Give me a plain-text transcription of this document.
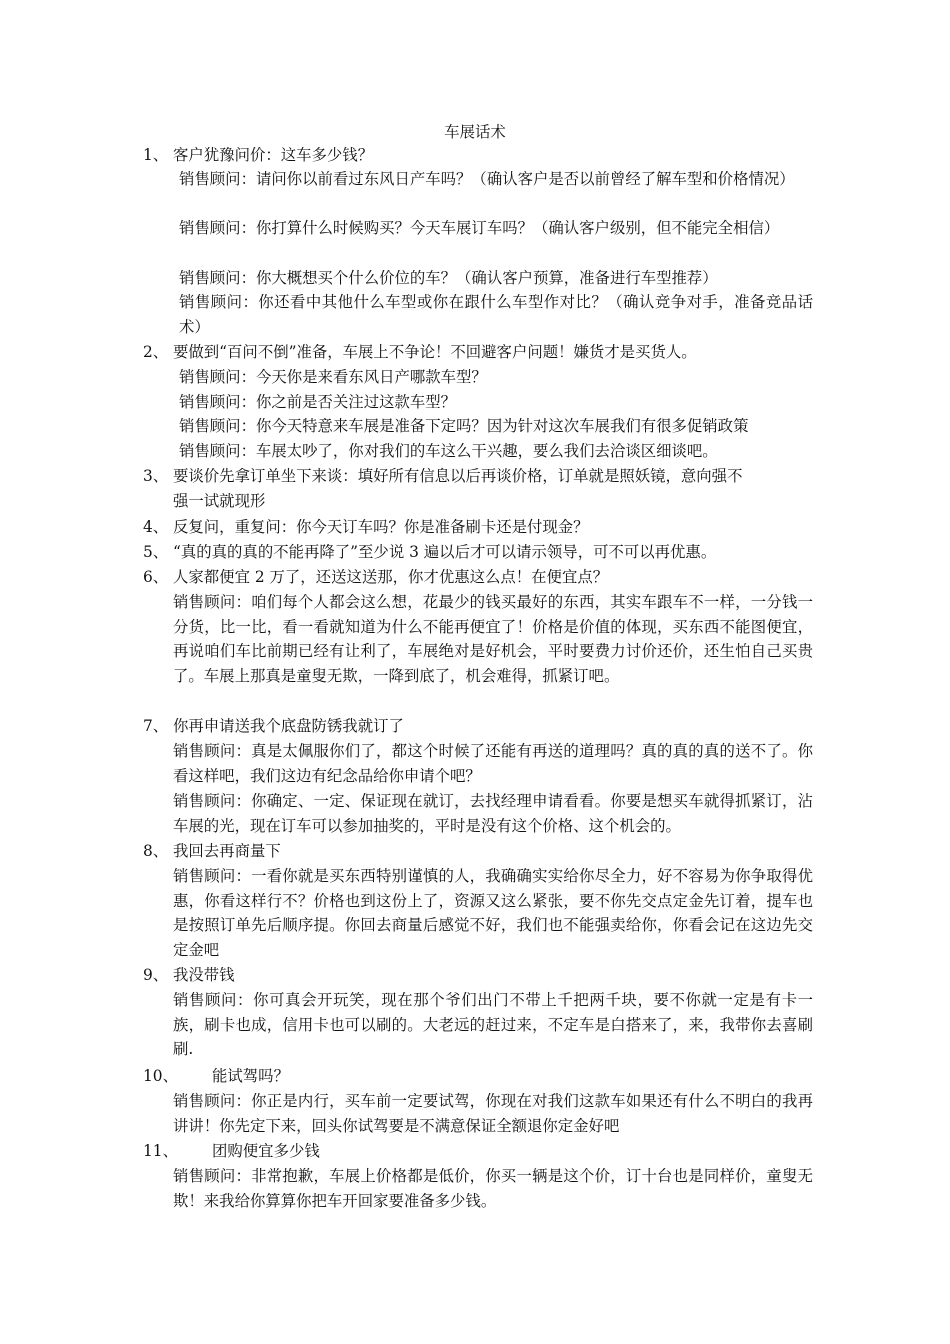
车展话术
1、 客户犹豫问价：这车多少钱？
销售顾问：请问你以前看过东风日产车吗？（确认客户是否以前曾经了解车型和价格情况）
销售顾问：你打算什么时候购买？今天车展订车吗？（确认客户级别，但不能完全相信）
销售顾问：你大概想买个什么价位的车？（确认客户预算，准备进行车型推荐）
销售顾问：你还看中其他什么车型或你在跟什么车型作对比？（确认竞争对手，准备竞品话术）
2、 要做到“百问不倒”准备，车展上不争论！不回避客户问题！嫌货才是买货人。
销售顾问：今天你是来看东风日产哪款车型？
销售顾问：你之前是否关注过这款车型？
销售顾问：你今天特意来车展是准备下定吗？因为针对这次车展我们有很多促销政策
销售顾问：车展太吵了，你对我们的车这么干兴趣，要么我们去洽谈区细谈吧。
3、 要谈价先拿订单坐下来谈：填好所有信息以后再谈价格，订单就是照妖镜，意向强不
强一试就现形
4、 反复问，重复问：你今天订车吗？你是准备刷卡还是付现金？
5、 “真的真的真的不能再降了”至少说 3 遍以后才可以请示领导，可不可以再优惠。
6、 人家都便宜 2 万了，还送这送那，你才优惠这么点！在便宜点？
销售顾问：咱们每个人都会这么想，花最少的钱买最好的东西，其实车跟车不一样，一分钱一分货，比一比，看一看就知道为什么不能再便宜了！价格是价值的体现，买东西不能图便宜，再说咱们车比前期已经有让利了，车展绝对是好机会，平时要费力讨价还价，还生怕自己买贵了。车展上那真是童叟无欺，一降到底了，机会难得，抓紧订吧。
7、 你再申请送我个底盘防锈我就订了
销售顾问：真是太佩服你们了，都这个时候了还能有再送的道理吗？真的真的真的送不了。你看这样吧，我们这边有纪念品给你申请个吧？
销售顾问：你确定、一定、保证现在就订，去找经理申请看看。你要是想买车就得抓紧订，沾车展的光，现在订车可以参加抽奖的，平时是没有这个价格、这个机会的。
8、 我回去再商量下
销售顾问：一看你就是买东西特别谨慎的人，我确确实实给你尽全力，好不容易为你争取得优惠，你看这样行不？价格也到这份上了，资源又这么紧张，要不你先交点定金先订着，提车也是按照订单先后顺序提。你回去商量后感觉不好，我们也不能强卖给你，你看会记在这边先交定金吧
9、 我没带钱
销售顾问：你可真会开玩笑，现在那个爷们出门不带上千把两千块，要不你就一定是有卡一族，刷卡也成，信用卡也可以刷的。大老远的赶过来，不定车是白搭来了，来，我带你去喜刷刷.
10、	能试驾吗？
销售顾问：你正是内行，买车前一定要试驾，你现在对我们这款车如果还有什么不明白的我再讲讲！你先定下来，回头你试驾要是不满意保证全额退你定金好吧
11、	团购便宜多少钱
销售顾问：非常抱歉，车展上价格都是低价，你买一辆是这个价，订十台也是同样价，童叟无欺！来我给你算算你把车开回家要准备多少钱。
